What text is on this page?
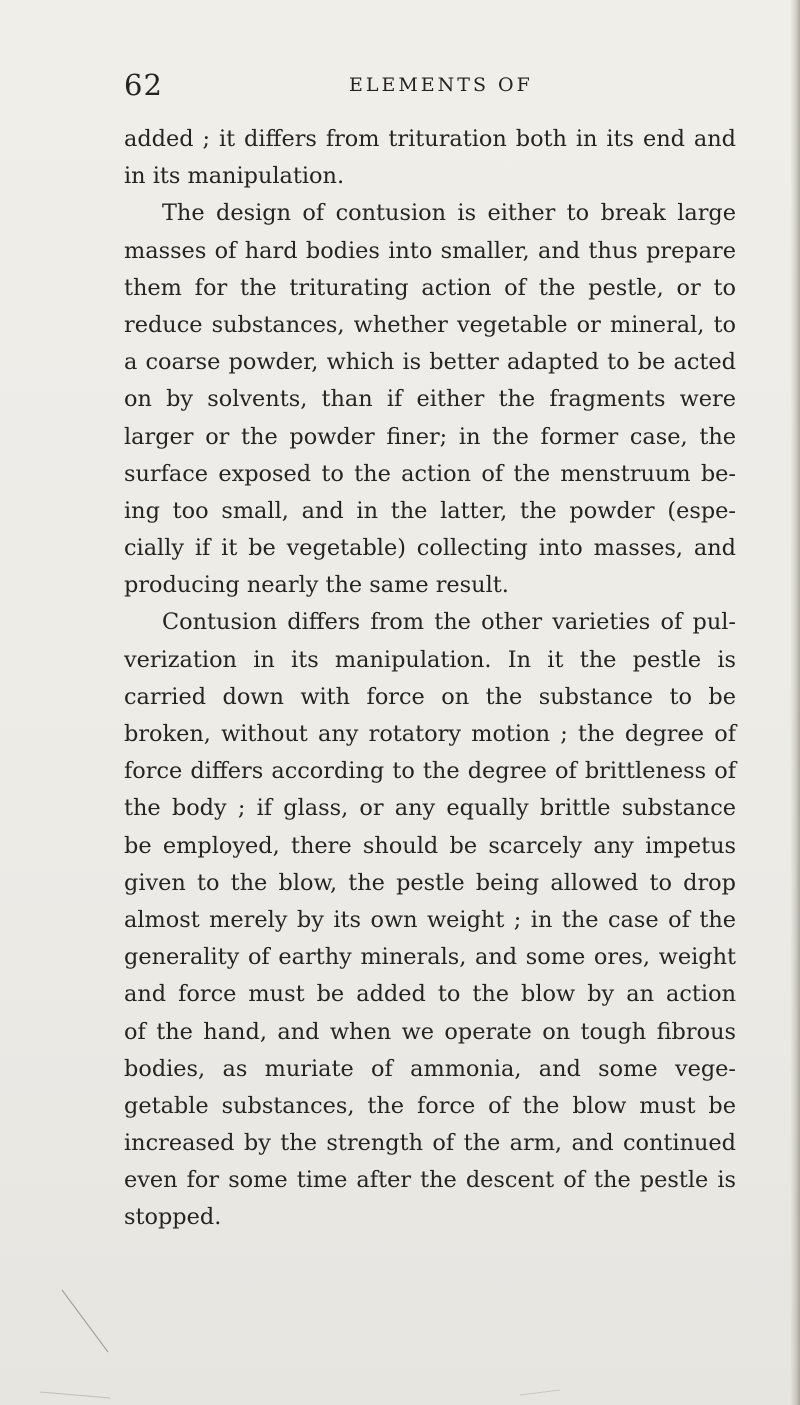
62	ELEMENTS OF
added ; it differs from trituration both in its end and
in its manipulation.
The design of contusion is either to break large
masses of hard bodies into smaller, and thus prepare
them for the triturating action of the pestle, or to
reduce substances, whether vegetable or mineral, to
a coarse powder, which is better adapted to be acted
on by solvents, than if either the fragments were
larger or the powder finer; in the former case, the
surface exposed to the action of the menstruum be-
ing too small, and in the latter, the powder (espe-
cially if it be vegetable) collecting into masses, and
producing nearly the same result.
Contusion differs from the other varieties of pul-
verization in its manipulation. In it the pestle is
carried down with force on the substance to be
broken, without any rotatory motion ; the degree of
force differs according to the degree of brittleness of
the body ; if glass, or any equally brittle substance
be employed, there should be scarcely any impetus
given to the blow, the pestle being allowed to drop
almost merely by its own weight ; in the case of the
generality of earthy minerals, and some ores, weight
and force must be added to the blow by an action
of the hand, and when we operate on tough fibrous
bodies, as muriate of ammonia, and some vege-
getable substances, the force of the blow must be
increased by the strength of the arm, and continued
even for some time after the descent of the pestle is
stopped.
